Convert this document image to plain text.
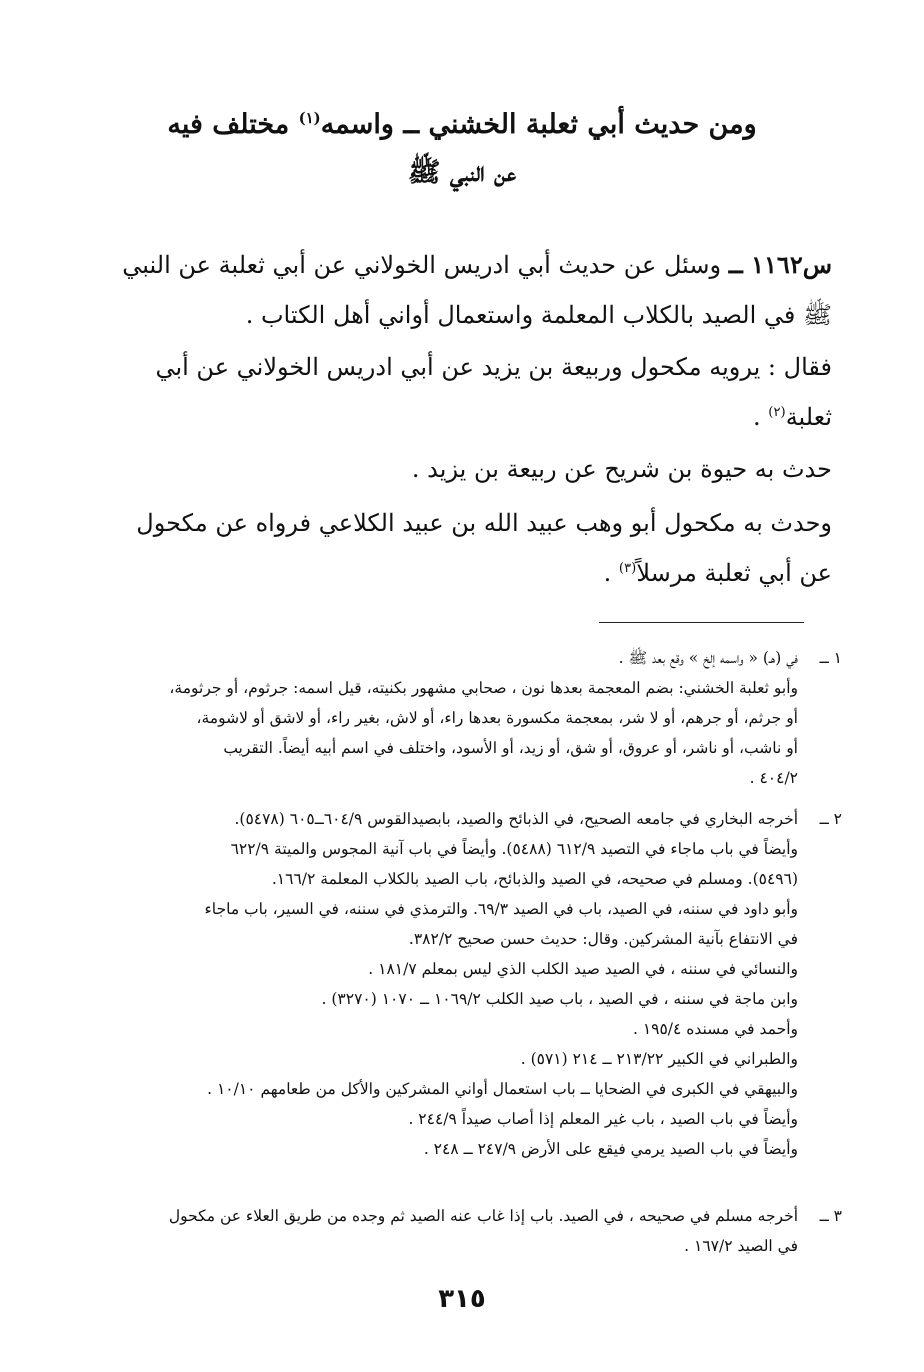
ومن حديث أبي ثعلبة الخشني ــ واسمه$^{(١)}$ مختلف فيه
عن النبي ﷺ
س١١٦٢ ــ وسئل عن حديث أبي ادريس الخولاني عن أبي ثعلبة عن النبي
ﷺ في الصيد بالكلاب المعلمة واستعمال أواني أهل الكتاب .
فقال : يرويه مكحول وربيعة بن يزيد عن أبي ادريس الخولاني عن أبي
ثعلبة$^{(٢)}$ .
حدث به حيوة بن شريح عن ربيعة بن يزيد .
وحدث به مكحول أبو وهب عبيد الله بن عبيد الكلاعي فرواه عن مكحول
عن أبي ثعلبة مرسلاً$^{(٣)}$ .
١ ــ
في (هـ) « واسمه إلخ » وقع بعد ﷺ .
وأبو ثعلبة الخشني: بضم المعجمة بعدها نون ، صحابي مشهور بكنيته، قيل اسمه: جرثوم، أو جرثومة،
أو جرثم، أو جرهم، أو لا شر، بمعجمة مكسورة بعدها راء، أو لاش، بغير راء، أو لاشق أو لاشومة،
أو ناشب، أو ناشر، أو عروق، أو شق، أو زيد، أو الأسود، واختلف في اسم أبيه أيضاً. التقريب
٤٠٤/٢ .
٢ ــ
أخرجه البخاري في جامعه الصحيح، في الذبائح والصيد، بابصيدالقوس ٦٠٤/٩ــ٦٠٥ (٥٤٧٨).
وأيضاً في باب ماجاء في التصيد ٦١٢/٩ (٥٤٨٨). وأيضاً في باب آنية المجوس والميتة ٦٢٢/٩
(٥٤٩٦). ومسلم في صحيحه، في الصيد والذبائح، باب الصيد بالكلاب المعلمة ١٦٦/٢.
وأبو داود في سننه، في الصيد، باب في الصيد ٦٩/٣. والترمذي في سننه، في السير، باب ماجاء
في الانتفاع بآنية المشركين. وقال: حديث حسن صحيح ٣٨٢/٢.
والنسائي في سننه ، في الصيد صيد الكلب الذي ليس بمعلم ١٨١/٧ .
وابن ماجة في سننه ، في الصيد ، باب صيد الكلب ١٠٦٩/٢ ــ ١٠٧٠ (٣٢٧٠) .
وأحمد في مسنده ١٩٥/٤ .
والطبراني في الكبير ٢١٣/٢٢ ــ ٢١٤ (٥٧١) .
والبيهقي في الكبرى في الضحايا ــ باب استعمال أواني المشركين والأكل من طعامهم ١٠/١٠ .
وأيضاً في باب الصيد ، باب غير المعلم إذا أصاب صيداً ٢٤٤/٩ .
وأيضاً في باب الصيد يرمي فيقع على الأرض ٢٤٧/٩ ــ ٢٤٨ .
٣ ــ
أخرجه مسلم في صحيحه ، في الصيد. باب إذا غاب عنه الصيد ثم وجده من طريق العلاء عن مكحول
في الصيد ١٦٧/٢ .
٣١٥
